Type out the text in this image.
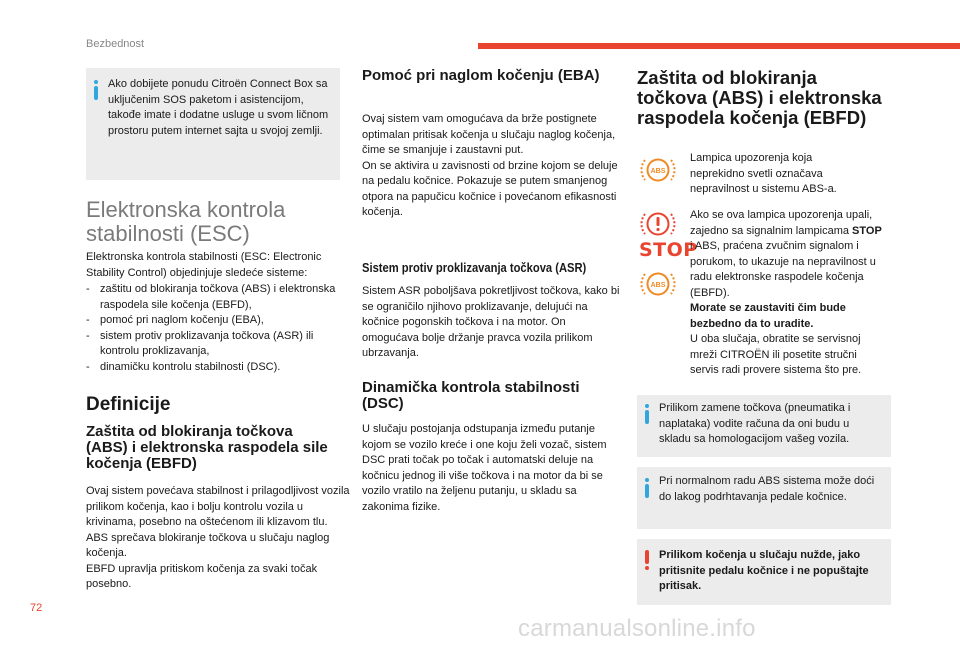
Bezbednost
Ako dobijete ponudu Citroën Connect Box sa uključenim SOS paketom i asistencijom, takođe imate i dodatne usluge u svom ličnom prostoru putem internet sajta u svojoj zemlji.
Elektronska kontrola
stabilnosti (ESC)
Elektronska kontrola stabilnosti (ESC: Electronic Stability Control) objedinjuje sledeće sisteme:
- zaštitu od blokiranja točkova (ABS) i elektronska raspodela sile kočenja (EBFD),
- pomoć pri naglom kočenju (EBA),
- sistem protiv proklizavanja točkova (ASR) ili kontrolu proklizavanja,
- dinamičku kontrolu stabilnosti (DSC).
Definicije
Zaštita od blokiranja točkova (ABS) i elektronska raspodela sile kočenja (EBFD)
Ovaj sistem povećava stabilnost i prilagodljivost vozila prilikom kočenja, kao i bolju kontrolu vozila u krivinama, posebno na oštećenom ili klizavom tlu.
ABS sprečava blokiranje točkova u slučaju naglog kočenja.
EBFD upravlja pritiskom kočenja za svaki točak posebno.
Pomoć pri naglom kočenju (EBA)
Ovaj sistem vam omogućava da brže postignete optimalan pritisak kočenja u slučaju naglog kočenja, čime se smanjuje i zaustavni put.
On se aktivira u zavisnosti od brzine kojom se deluje na pedalu kočnice. Pokazuje se putem smanjenog otpora na papučicu kočnice i povećanom efikasnosti kočenja.
Sistem protiv proklizavanja točkova (ASR)
Sistem ASR poboljšava pokretljivost točkova, kako bi se ograničilo njihovo proklizavanje, delujući na kočnice pogonskih točkova i na motor. On omogućava bolje držanje pravca vozila prilikom ubrzavanja.
Dinamička kontrola stabilnosti (DSC)
U slučaju postojanja odstupanja između putanje kojom se vozilo kreće i one koju želi vozač, sistem DSC prati točak po točak i automatski deluje na kočnicu jednog ili više točkova i na motor da bi se vozilo vratilo na željenu putanju, u skladu sa zakonima fizike.
Zaštita od blokiranja
točkova (ABS) i elektronska
raspodela kočenja (EBFD)
ABS
Lampica upozorenja koja neprekidno svetli označava nepravilnost u sistemu ABS-a.
STOP
ABS
Ako se ova lampica upozorenja upali, zajedno sa signalnim lampicama STOP i ABS, praćena zvučnim signalom i porukom, to ukazuje na nepravilnost u radu elektronske raspodele kočenja (EBFD).
Morate se zaustaviti čim bude bezbedno da to uradite.
U oba slučaja, obratite se servisnoj mreži CITROËN ili posetite stručni servis radi provere sistema što pre.
Prilikom zamene točkova (pneumatika i naplataka) vodite računa da oni budu u skladu sa homologacijom vašeg vozila.
Pri normalnom radu ABS sistema može doći do lakog podrhtavanja pedale kočnice.
Prilikom kočenja u slučaju nužde, jako pritisnite pedalu kočnice i ne popuštajte pritisak.
72
carmanualsonline.info
